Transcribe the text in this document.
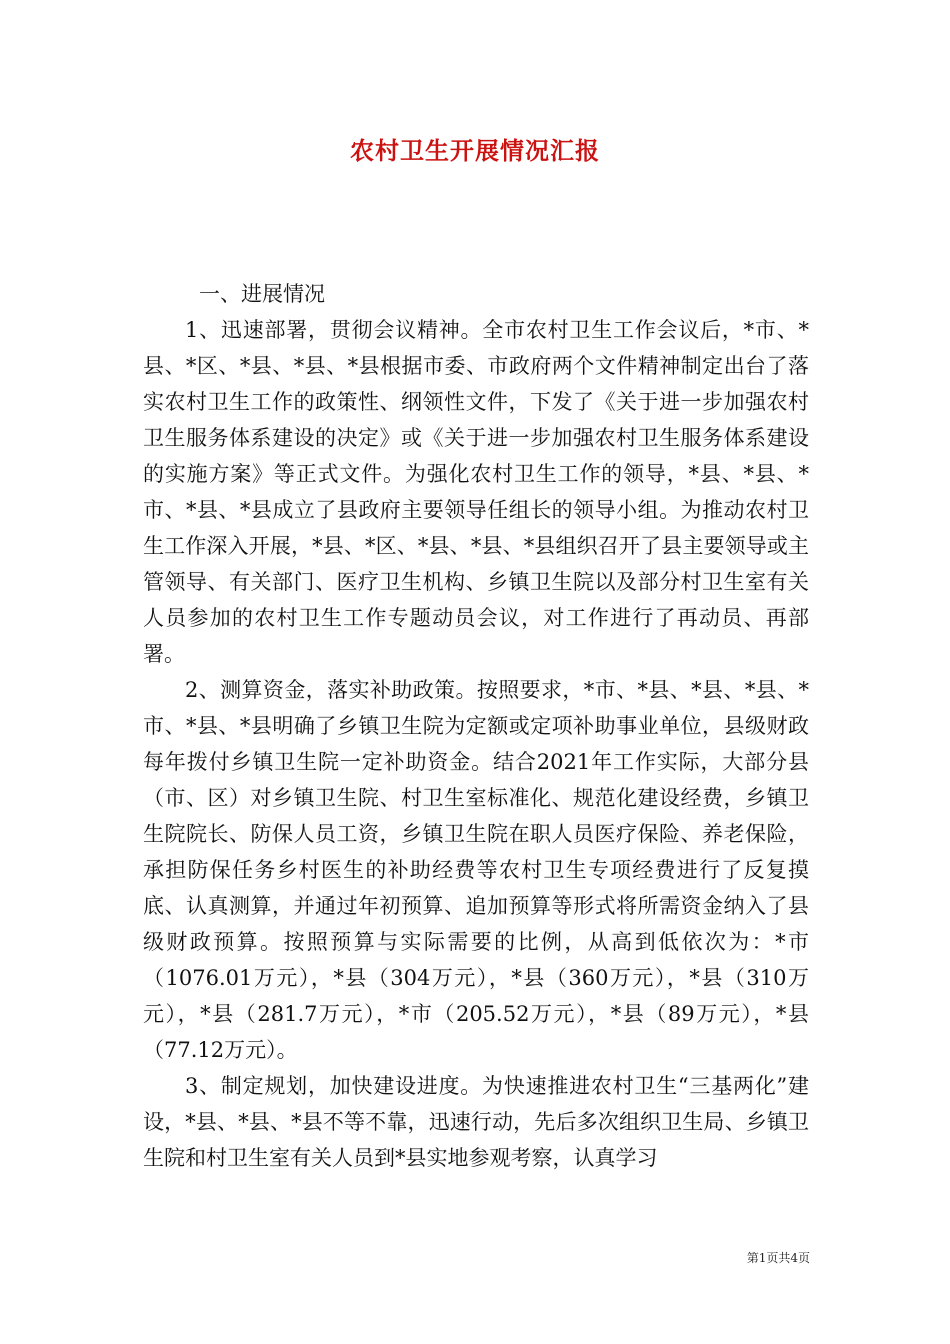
农村卫生开展情况汇报

一、进展情况

1、迅速部署，贯彻会议精神。全市农村卫生工作会议后，*市、*县、*区、*县、*县、*县根据市委、市政府两个文件精神制定出台了落实农村卫生工作的政策性、纲领性文件，下发了《关于进一步加强农村卫生服务体系建设的决定》或《关于进一步加强农村卫生服务体系建设的实施方案》等正式文件。为强化农村卫生工作的领导，*县、*县、*市、*县、*县成立了县政府主要领导任组长的领导小组。为推动农村卫生工作深入开展，*县、*区、*县、*县、*县组织召开了县主要领导或主管领导、有关部门、医疗卫生机构、乡镇卫生院以及部分村卫生室有关人员参加的农村卫生工作专题动员会议，对工作进行了再动员、再部署。

2、测算资金，落实补助政策。按照要求，*市、*县、*县、*县、*市、*县、*县明确了乡镇卫生院为定额或定项补助事业单位，县级财政每年拨付乡镇卫生院一定补助资金。结合2021年工作实际，大部分县（市、区）对乡镇卫生院、村卫生室标准化、规范化建设经费，乡镇卫生院院长、防保人员工资，乡镇卫生院在职人员医疗保险、养老保险，承担防保任务乡村医生的补助经费等农村卫生专项经费进行了反复摸底、认真测算，并通过年初预算、追加预算等形式将所需资金纳入了县级财政预算。按照预算与实际需要的比例，从高到低依次为：*市（1076.01万元），*县（304万元），*县（360万元），*县（310万元），*县（281.7万元），*市（205.52万元），*县（89万元），*县（77.12万元）。

3、制定规划，加快建设进度。为快速推进农村卫生“三基两化”建设，*县、*县、*县不等不靠，迅速行动，先后多次组织卫生局、乡镇卫生院和村卫生室有关人员到*县实地参观考察，认真学习

第1页共4页
